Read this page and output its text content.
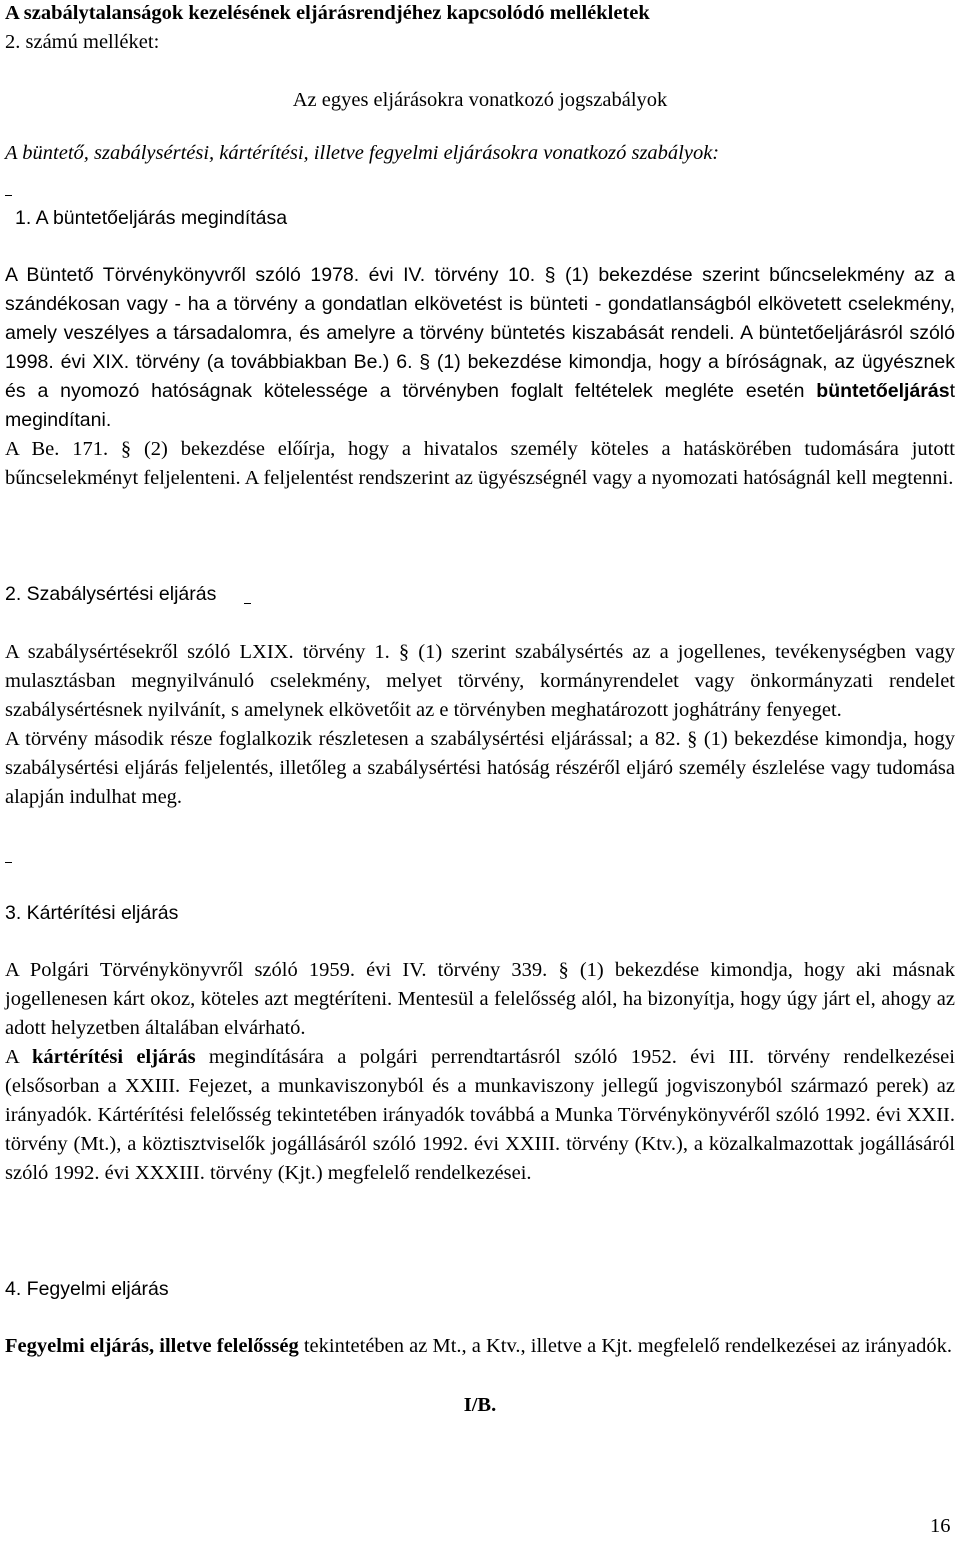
A szabálytalanságok kezelésének eljárásrendjéhez kapcsolódó mellékletek
2. számú melléket:
Az egyes eljárásokra vonatkozó jogszabályok
A büntető, szabálysértési, kártérítési, illetve fegyelmi eljárásokra vonatkozó szabályok:
1. A büntetőeljárás megindítása

A Büntető Törvénykönyvről szóló 1978. évi IV. törvény 10. § (1) bekezdése szerint bűncselekmény az a szándékosan vagy - ha a törvény a gondatlan elkövetést is bünteti - gondatlanságból elkövetett cselekmény, amely veszélyes a társadalomra, és amelyre a törvény büntetés kiszabását rendeli. A büntetőeljárásról szóló 1998. évi XIX. törvény (a továbbiakban Be.) 6. § (1) bekezdése kimondja, hogy a bíróságnak, az ügyésznek és a nyomozó hatóságnak kötelessége a törvényben foglalt feltételek megléte esetén büntetőeljárást megindítani.

A Be. 171. § (2) bekezdése előírja, hogy a hivatalos személy köteles a hatáskörében tudomására jutott bűncselekményt feljelenteni. A feljelentést rendszerint az ügyészségnél vagy a nyomozati hatóságnál kell megtenni.

2. Szabálysértési eljárás

A szabálysértésekről szóló LXIX. törvény 1. § (1) szerint szabálysértés az a jogellenes, tevékenységben vagy mulasztásban megnyilvánuló cselekmény, melyet törvény, kormányrendelet vagy önkormányzati rendelet szabálysértésnek nyilvánít, s amelynek elkövetőit az e törvényben meghatározott joghátrány fenyeget.

A törvény második része foglalkozik részletesen a szabálysértési eljárással; a 82. § (1) bekezdése kimondja, hogy szabálysértési eljárás feljelentés, illetőleg a szabálysértési hatóság részéről eljáró személy észlelése vagy tudomása alapján indulhat meg.

3. Kártérítési eljárás

A Polgári Törvénykönyvről szóló 1959. évi IV. törvény 339. § (1) bekezdése kimondja, hogy aki másnak jogellenesen kárt okoz, köteles azt megtéríteni. Mentesül a felelősség alól, ha bizonyítja, hogy úgy járt el, ahogy az adott helyzetben általában elvárható.

A kártérítési eljárás megindítására a polgári perrendtartásról szóló 1952. évi III. törvény rendelkezései (elsősorban a XXIII. Fejezet, a munkaviszonyból és a munkaviszony jellegű jogviszonyból származó perek) az irányadók. Kártérítési felelősség tekintetében irányadók továbbá a Munka Törvénykönyvéről szóló 1992. évi XXII. törvény (Mt.), a köztisztviselők jogállásáról szóló 1992. évi XXIII. törvény (Ktv.), a közalkalmazottak jogállásáról szóló 1992. évi XXXIII. törvény (Kjt.) megfelelő rendelkezései.

4. Fegyelmi eljárás

Fegyelmi eljárás, illetve felelősség tekintetében az Mt., a Ktv., illetve a Kjt. megfelelő rendelkezései az irányadók.

I/B.
16
